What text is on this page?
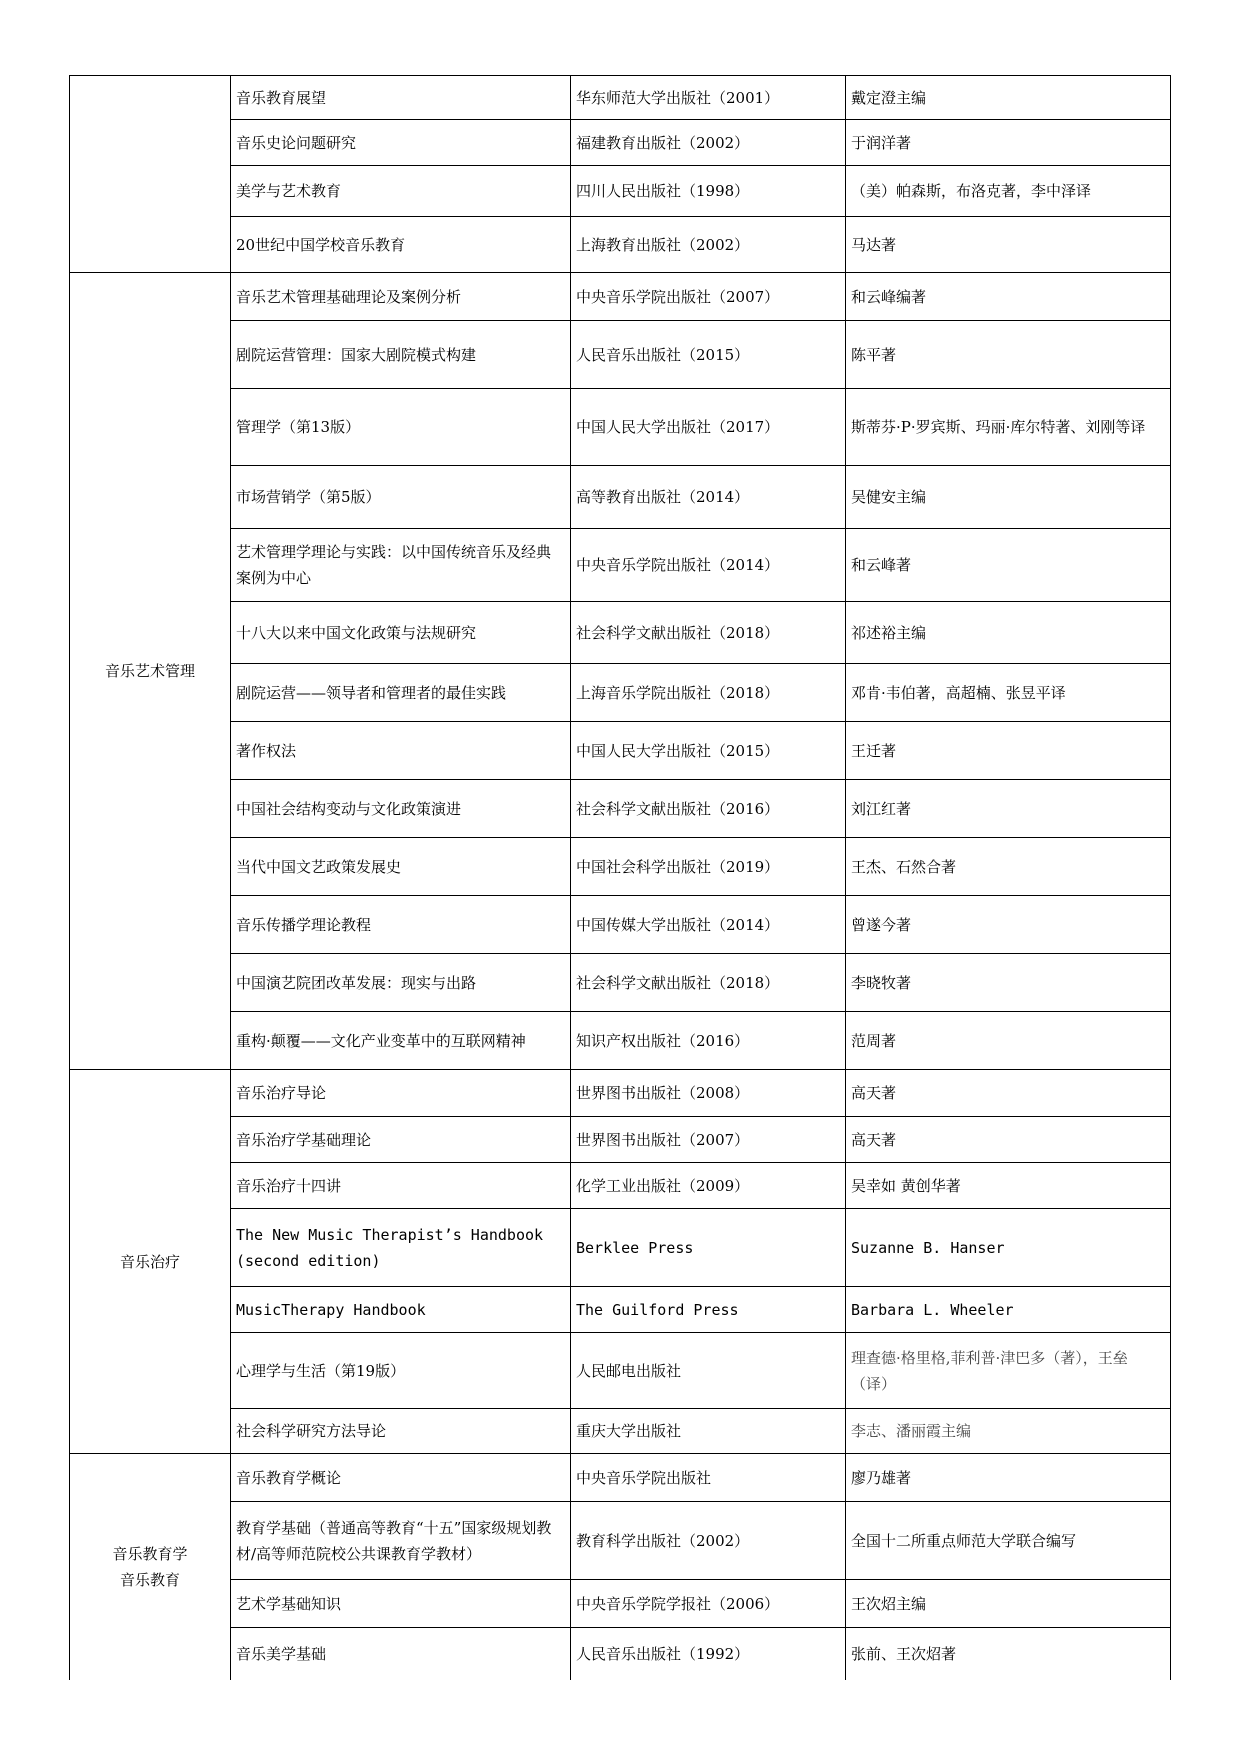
	音乐教育展望	华东师范大学出版社（2001）	戴定澄主编
	音乐史论问题研究	福建教育出版社（2002）	于润洋著
	美学与艺术教育	四川人民出版社（1998）	（美）帕森斯，布洛克著，李中泽译
	20世纪中国学校音乐教育	上海教育出版社（2002）	马达著

音乐艺术管理	音乐艺术管理基础理论及案例分析	中央音乐学院出版社（2007）	和云峰编著
	剧院运营管理：国家大剧院模式构建	人民音乐出版社（2015）	陈平著
	管理学（第13版）	中国人民大学出版社（2017）	斯蒂芬·P·罗宾斯、玛丽·库尔特著、刘刚等译
	市场营销学（第5版）	高等教育出版社（2014）	吴健安主编
	艺术管理学理论与实践：以中国传统音乐及经典案例为中心	中央音乐学院出版社（2014）	和云峰著
	十八大以来中国文化政策与法规研究	社会科学文献出版社（2018）	祁述裕主编
	剧院运营——领导者和管理者的最佳实践	上海音乐学院出版社（2018）	邓肯·韦伯著，高超楠、张昱平译
	著作权法	中国人民大学出版社（2015）	王迁著
	中国社会结构变动与文化政策演进	社会科学文献出版社（2016）	刘江红著
	当代中国文艺政策发展史	中国社会科学出版社（2019）	王杰、石然合著
	音乐传播学理论教程	中国传媒大学出版社（2014）	曾遂今著
	中国演艺院团改革发展：现实与出路	社会科学文献出版社（2018）	李晓牧著
	重构·颠覆——文化产业变革中的互联网精神	知识产权出版社（2016）	范周著

音乐治疗	音乐治疗导论	世界图书出版社（2008）	高天著
	音乐治疗学基础理论	世界图书出版社（2007）	高天著
	音乐治疗十四讲	化学工业出版社（2009）	吴幸如 黄创华著
	The New Music Therapist’s Handbook (second edition)	Berklee Press	Suzanne B. Hanser
	MusicTherapy Handbook	The Guilford Press	Barbara L. Wheeler
	心理学与生活（第19版）	人民邮电出版社	理查德·格里格,菲利普·津巴多（著），王垒（译）
	社会科学研究方法导论	重庆大学出版社	李志、潘丽霞主编

音乐教育学
音乐教育	音乐教育学概论	中央音乐学院出版社	廖乃雄著
	教育学基础（普通高等教育“十五”国家级规划教材/高等师范院校公共课教育学教材）	教育科学出版社（2002）	全国十二所重点师范大学联合编写
	艺术学基础知识	中央音乐学院学报社（2006）	王次炤主编
	音乐美学基础	人民音乐出版社（1992）	张前、王次炤著
